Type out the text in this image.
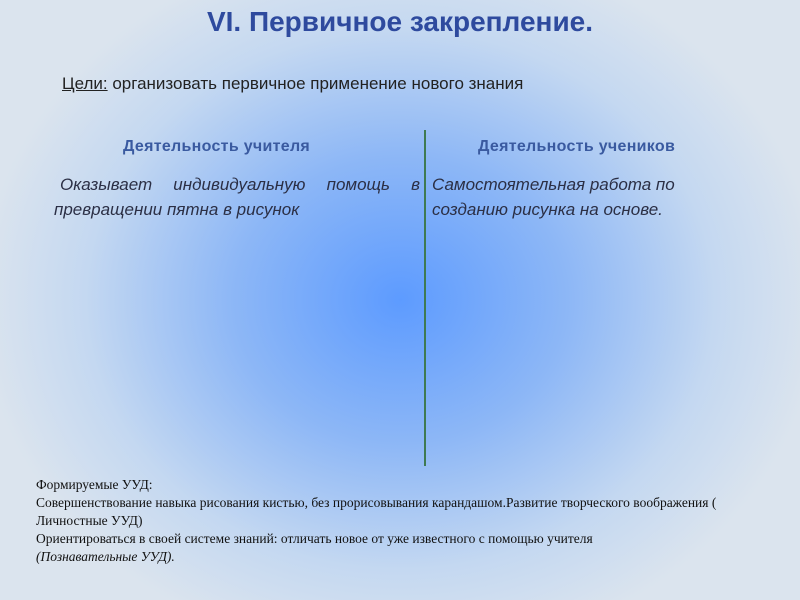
VI. Первичное закрепление.
Цели: организовать первичное применение нового знания
Деятельность учителя	Деятельность учеников
Оказывает индивидуальную помощь в превращении пятна в рисунок
Самостоятельная работа по созданию рисунка на основе.

Формируемые УУД:

Совершенствование навыка рисования кистью, без прорисовывания карандашом.Развитие творческого воображения ( Личностные УУД)

Ориентироваться в своей системе знаний: отличать новое от уже известного с помощью учителя

(Познавательные УУД).
